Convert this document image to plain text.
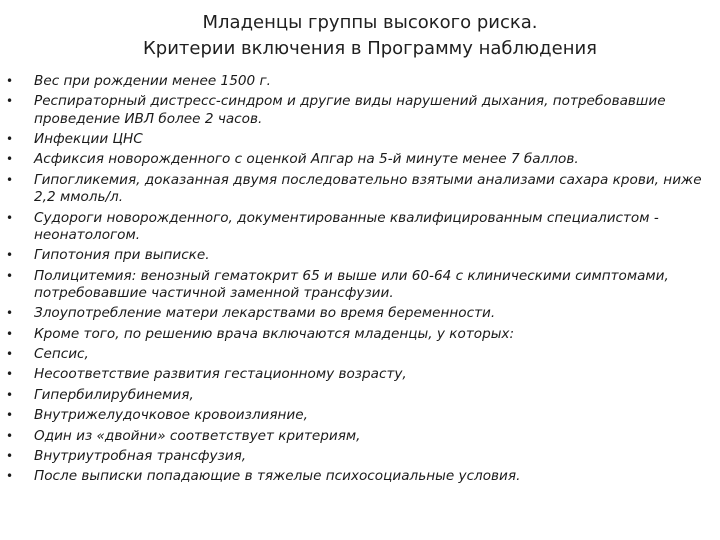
Младенцы группы высокого риска.
Критерии включения в Программу наблюдения
• Вес при рождении менее 1500 г.
• Респираторный дистресс-синдром и другие виды нарушений дыхания, потребовавшие проведение ИВЛ более 2 часов.
• Инфекции ЦНС
• Асфиксия новорожденного с оценкой Апгар на 5-й минуте менее 7 баллов.
• Гипогликемия, доказанная двумя последовательно взятыми анализами сахара крови, ниже 2,2 ммоль/л.
• Судороги новорожденного, документированные квалифицированным специалистом - неонатологом.
• Гипотония при выписке.
• Полицитемия: венозный гематокрит 65 и выше или 60-64 с клиническими симптомами, потребовавшие частичной заменной трансфузии.
• Злоупотребление матери лекарствами во время беременности.
• Кроме того, по решению врача включаются младенцы, у которых:
• Сепсис,
• Несоответствие развития гестационному возрасту,
• Гипербилирубинемия,
• Внутрижелудочковое кровоизлияние,
• Один из «двойни» соответствует критериям,
• Внутриутробная трансфузия,
• После выписки попадающие в тяжелые психосоциальные условия.
